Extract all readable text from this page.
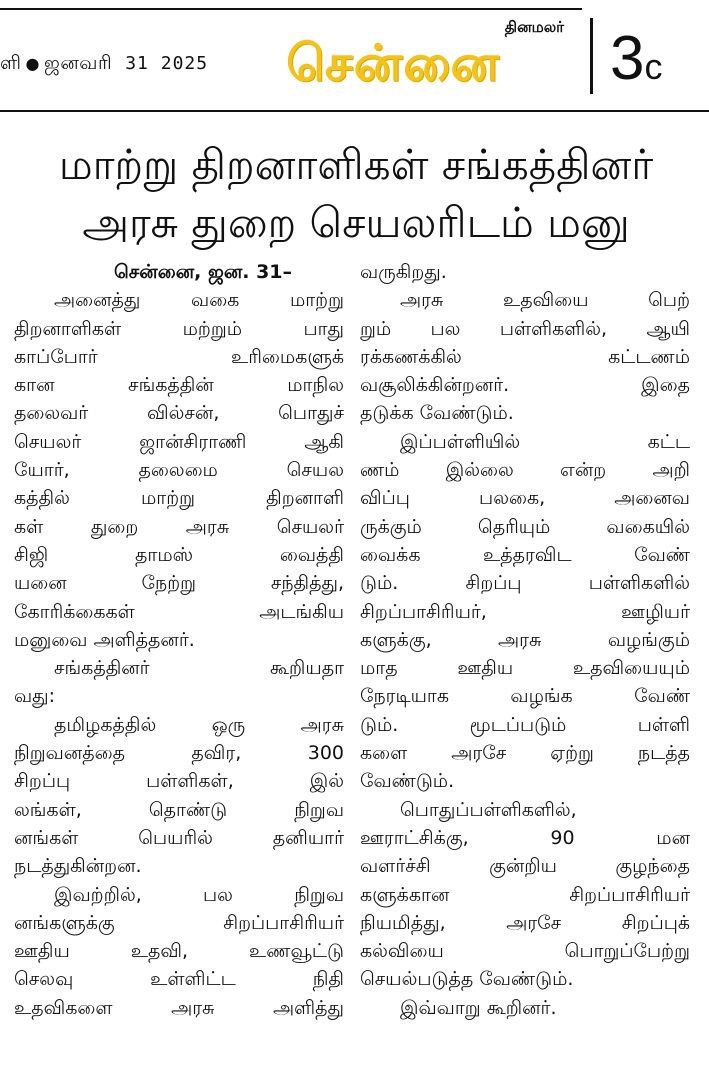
ளி ● ஜனவரி 31 2025
தினமலர்
சென்னை	3c
மாற்று திறனாளிகள் சங்கத்தினர்
அரசு துறை செயலரிடம் மனு
சென்னை, ஜன. 31–
அனைத்து வகை மாற்று
திறனாளிகள் மற்றும் பாது
காப்போர் உரிமைகளுக்
கான சங்கத்தின் மாநில
தலைவர் வில்சன், பொதுச்
செயலர் ஜான்சிராணி ஆகி
யோர், தலைமை செயல
கத்தில் மாற்று திறனாளி
கள் துறை அரசு செயலர்
சிஜி தாமஸ் வைத்தி
யனை நேற்று சந்தித்து,
கோரிக்கைகள் அடங்கிய
மனுவை அளித்தனர்.
சங்கத்தினர் கூறியதா
வது:
தமிழகத்தில் ஒரு அரசு
நிறுவனத்தை தவிர, 300
சிறப்பு பள்ளிகள், இல்
லங்கள், தொண்டு நிறுவ
னங்கள் பெயரில் தனியார்
நடத்துகின்றன.
இவற்றில், பல நிறுவ
னங்களுக்கு சிறப்பாசிரியர்
ஊதிய உதவி, உணவூட்டு
செலவு உள்ளிட்ட நிதி
உதவிகளை அரசு அளித்து
வருகிறது.
அரசு உதவியை பெற்
றும் பல பள்ளிகளில், ஆயி
ரக்கணக்கில் கட்டணம்
வசூலிக்கின்றனர். இதை
தடுக்க வேண்டும்.
இப்பள்ளியில் கட்ட
ணம் இல்லை என்ற அறி
விப்பு பலகை, அனைவ
ருக்கும் தெரியும் வகையில்
வைக்க உத்தரவிட வேண்
டும். சிறப்பு பள்ளிகளில்
சிறப்பாசிரியர், ஊழியர்
களுக்கு, அரசு வழங்கும்
மாத ஊதிய உதவியையும்
நேரடியாக வழங்க வேண்
டும். மூடப்படும் பள்ளி
களை அரசே ஏற்று நடத்த
வேண்டும்.
பொதுப்பள்ளிகளில்,
ஊராட்சிக்கு, 90 மன
வளர்ச்சி குன்றிய குழந்தை
களுக்கான சிறப்பாசிரியர்
நியமித்து, அரசே சிறப்புக்
கல்வியை பொறுப்பேற்று
செயல்படுத்த வேண்டும்.
இவ்வாறு கூறினர்.
